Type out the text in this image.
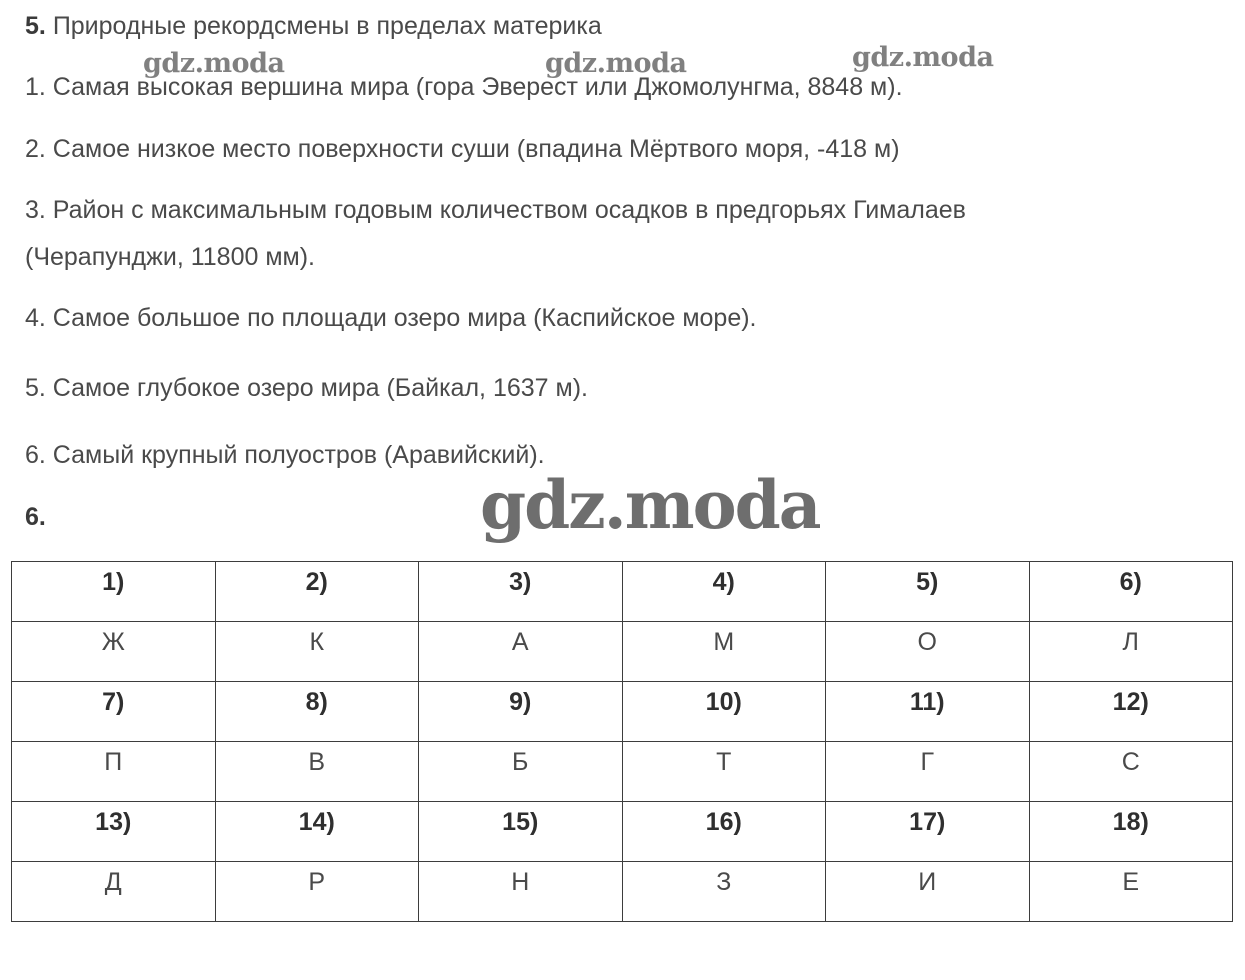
5. Природные рекордсмены в пределах материка

1. Самая высокая вершина мира (гора Эверест или Джомолунгма, 8848 м).

2. Самое низкое место поверхности суши (впадина Мёртвого моря, -418 м)

3. Район с максимальным годовым количеством осадков в предгорьях Гималаев

(Черапунджи, 11800 мм).

4. Самое большое по площади озеро мира (Каспийское море).

5. Самое глубокое озеро мира (Байкал, 1637 м).

6. Самый крупный полуостров (Аравийский).

6.

1)	2)	3)	4)	5)	6)
Ж	К	А	М	О	Л
7)	8)	9)	10)	11)	12)
П	В	Б	Т	Г	С
13)	14)	15)	16)	17)	18)
Д	Р	Н	З	И	Е
gdz.moda	gdz.moda	gdz.moda
gdz.moda
